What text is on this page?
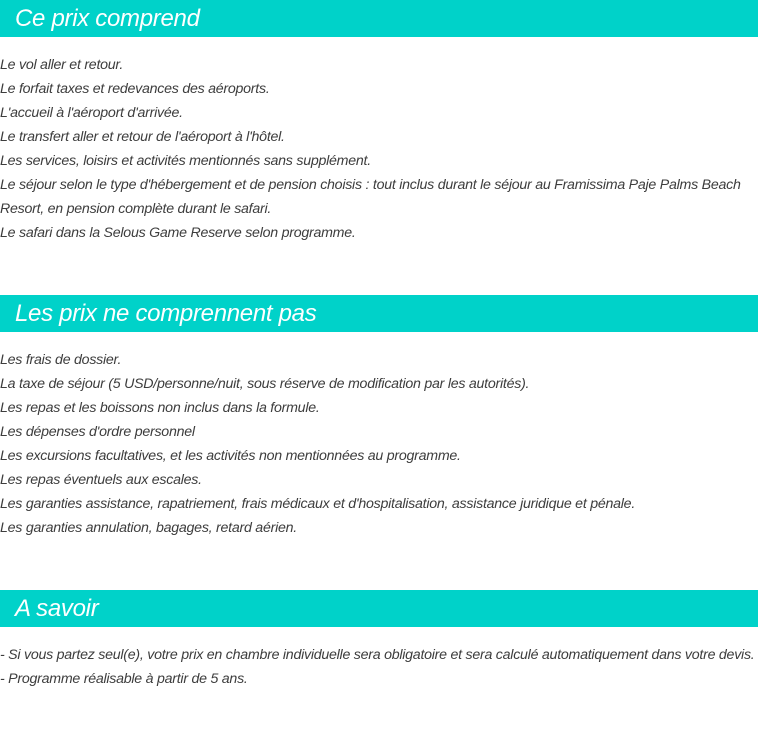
Ce prix comprend
Le vol aller et retour.
Le forfait taxes et redevances des aéroports.
L'accueil à l'aéroport d'arrivée.
Le transfert aller et retour de l'aéroport à l'hôtel.
Les services, loisirs et activités mentionnés sans supplément.
Le séjour selon le type d'hébergement et de pension choisis : tout inclus durant le séjour au Framissima Paje Palms Beach Resort, en pension complète durant le safari.
Le safari dans la Selous Game Reserve selon programme.
Les prix ne comprennent pas
Les frais de dossier.
La taxe de séjour (5 USD/personne/nuit, sous réserve de modification par les autorités).
Les repas et les boissons non inclus dans la formule.
Les dépenses d'ordre personnel
Les excursions facultatives, et les activités non mentionnées au programme.
Les repas éventuels aux escales.
Les garanties assistance, rapatriement, frais médicaux et d'hospitalisation, assistance juridique et pénale.
Les garanties annulation, bagages, retard aérien.
A savoir
- Si vous partez seul(e), votre prix en chambre individuelle sera obligatoire et sera calculé automatiquement dans votre devis.
- Programme réalisable à partir de 5 ans.
